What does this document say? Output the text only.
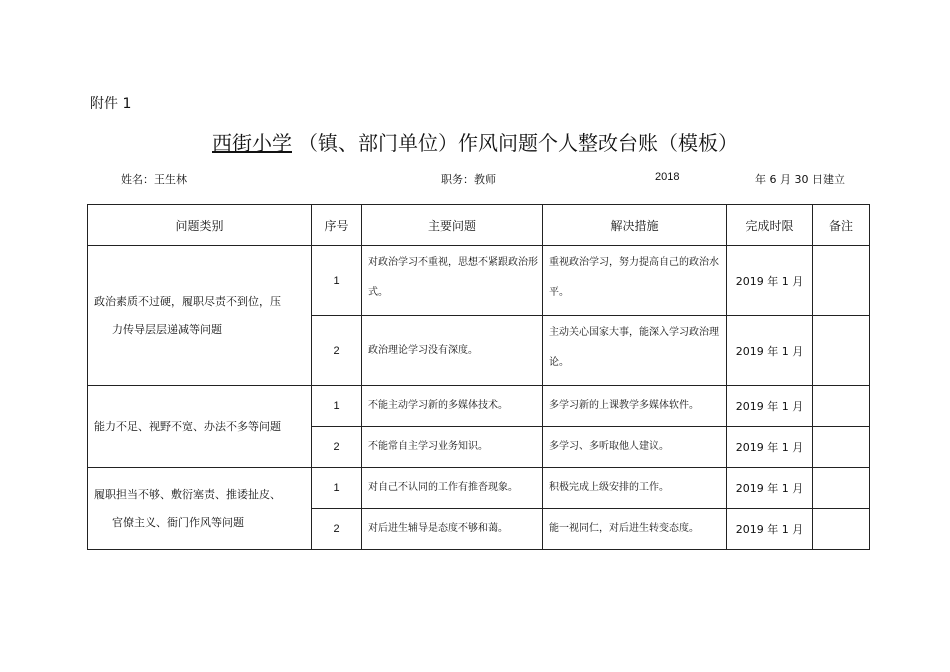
附件 1
西街小学 （镇、部门单位）作风问题个人整改台账（模板）
姓名：王生林	职务：教师	2018	年 6 月 30 日建立
问题类别	序号	主要问题	解决措施	完成时限	备注
政治素质不过硬，履职尽责不到位，压
力传导层层递减等问题	1	对政治学习不重视，思想不紧跟政治形式。	重视政治学习，努力提高自己的政治水平。	2019 年 1 月	
	2	政治理论学习没有深度。	主动关心国家大事，能深入学习政治理论。	2019 年 1 月	
能力不足、视野不宽、办法不多等问题	1	不能主动学习新的多媒体技术。	多学习新的上课教学多媒体软件。	2019 年 1 月	
	2	不能常自主学习业务知识。	多学习、多听取他人建议。	2019 年 1 月	
履职担当不够、敷衍塞责、推诿扯皮、
官僚主义、衙门作风等问题	1	对自己不认同的工作有推沓现象。	积极完成上级安排的工作。	2019 年 1 月	
	2	对后进生辅导是态度不够和蔼。	能一视同仁，对后进生转变态度。	2019 年 1 月	
